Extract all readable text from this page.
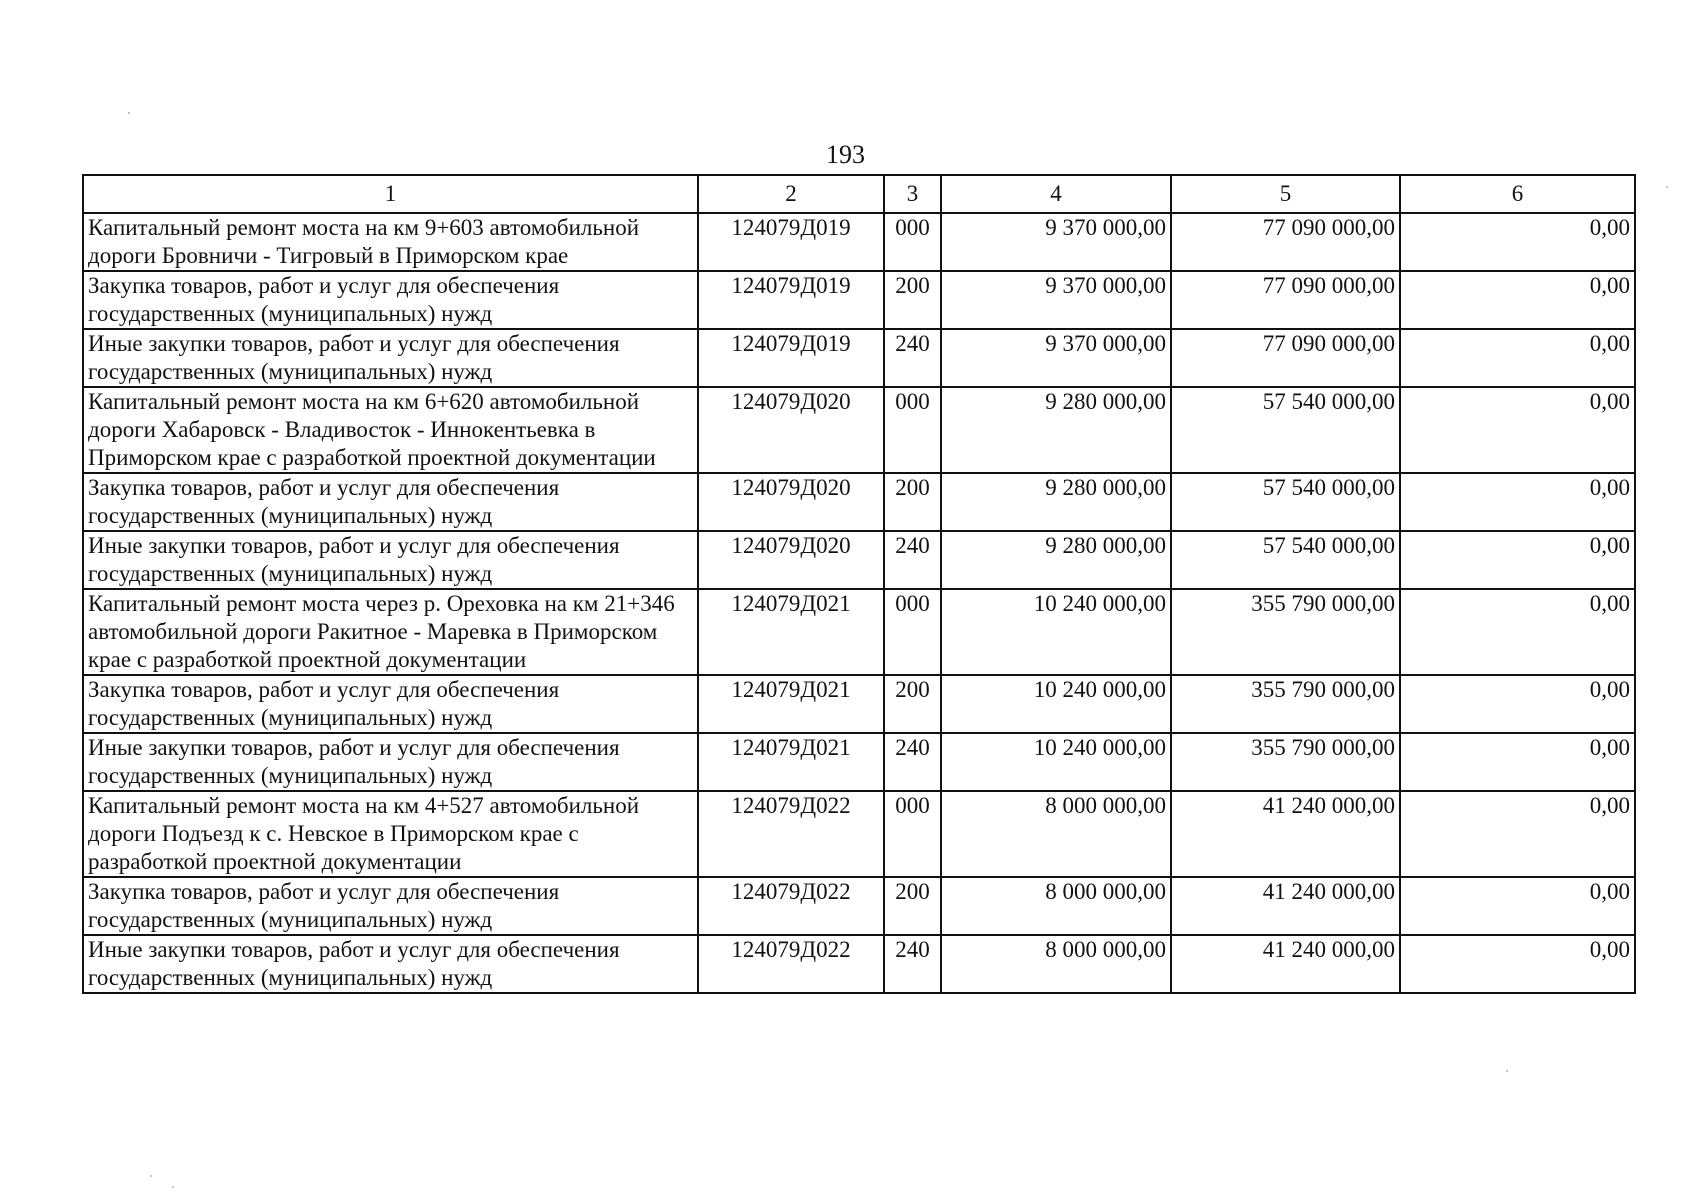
193
1	2	3	4	5	6
Капитальный ремонт моста на км 9+603 автомобильной дороги Бровничи - Тигровый в Приморском крае	124079Д019	000	9 370 000,00	77 090 000,00	0,00
Закупка товаров, работ и услуг для обеспечения государственных (муниципальных) нужд	124079Д019	200	9 370 000,00	77 090 000,00	0,00
Иные закупки товаров, работ и услуг для обеспечения государственных (муниципальных) нужд	124079Д019	240	9 370 000,00	77 090 000,00	0,00
Капитальный ремонт моста на км 6+620 автомобильной дороги Хабаровск - Владивосток - Иннокентьевка в Приморском крае с разработкой проектной документации	124079Д020	000	9 280 000,00	57 540 000,00	0,00
Закупка товаров, работ и услуг для обеспечения государственных (муниципальных) нужд	124079Д020	200	9 280 000,00	57 540 000,00	0,00
Иные закупки товаров, работ и услуг для обеспечения государственных (муниципальных) нужд	124079Д020	240	9 280 000,00	57 540 000,00	0,00
Капитальный ремонт моста через р. Ореховка на км 21+346 автомобильной дороги Ракитное - Маревка в Приморском крае с разработкой проектной документации	124079Д021	000	10 240 000,00	355 790 000,00	0,00
Закупка товаров, работ и услуг для обеспечения государственных (муниципальных) нужд	124079Д021	200	10 240 000,00	355 790 000,00	0,00
Иные закупки товаров, работ и услуг для обеспечения государственных (муниципальных) нужд	124079Д021	240	10 240 000,00	355 790 000,00	0,00
Капитальный ремонт моста на км 4+527 автомобильной дороги Подъезд к с. Невское в Приморском крае с разработкой проектной документации	124079Д022	000	8 000 000,00	41 240 000,00	0,00
Закупка товаров, работ и услуг для обеспечения государственных (муниципальных) нужд	124079Д022	200	8 000 000,00	41 240 000,00	0,00
Иные закупки товаров, работ и услуг для обеспечения государственных (муниципальных) нужд	124079Д022	240	8 000 000,00	41 240 000,00	0,00
